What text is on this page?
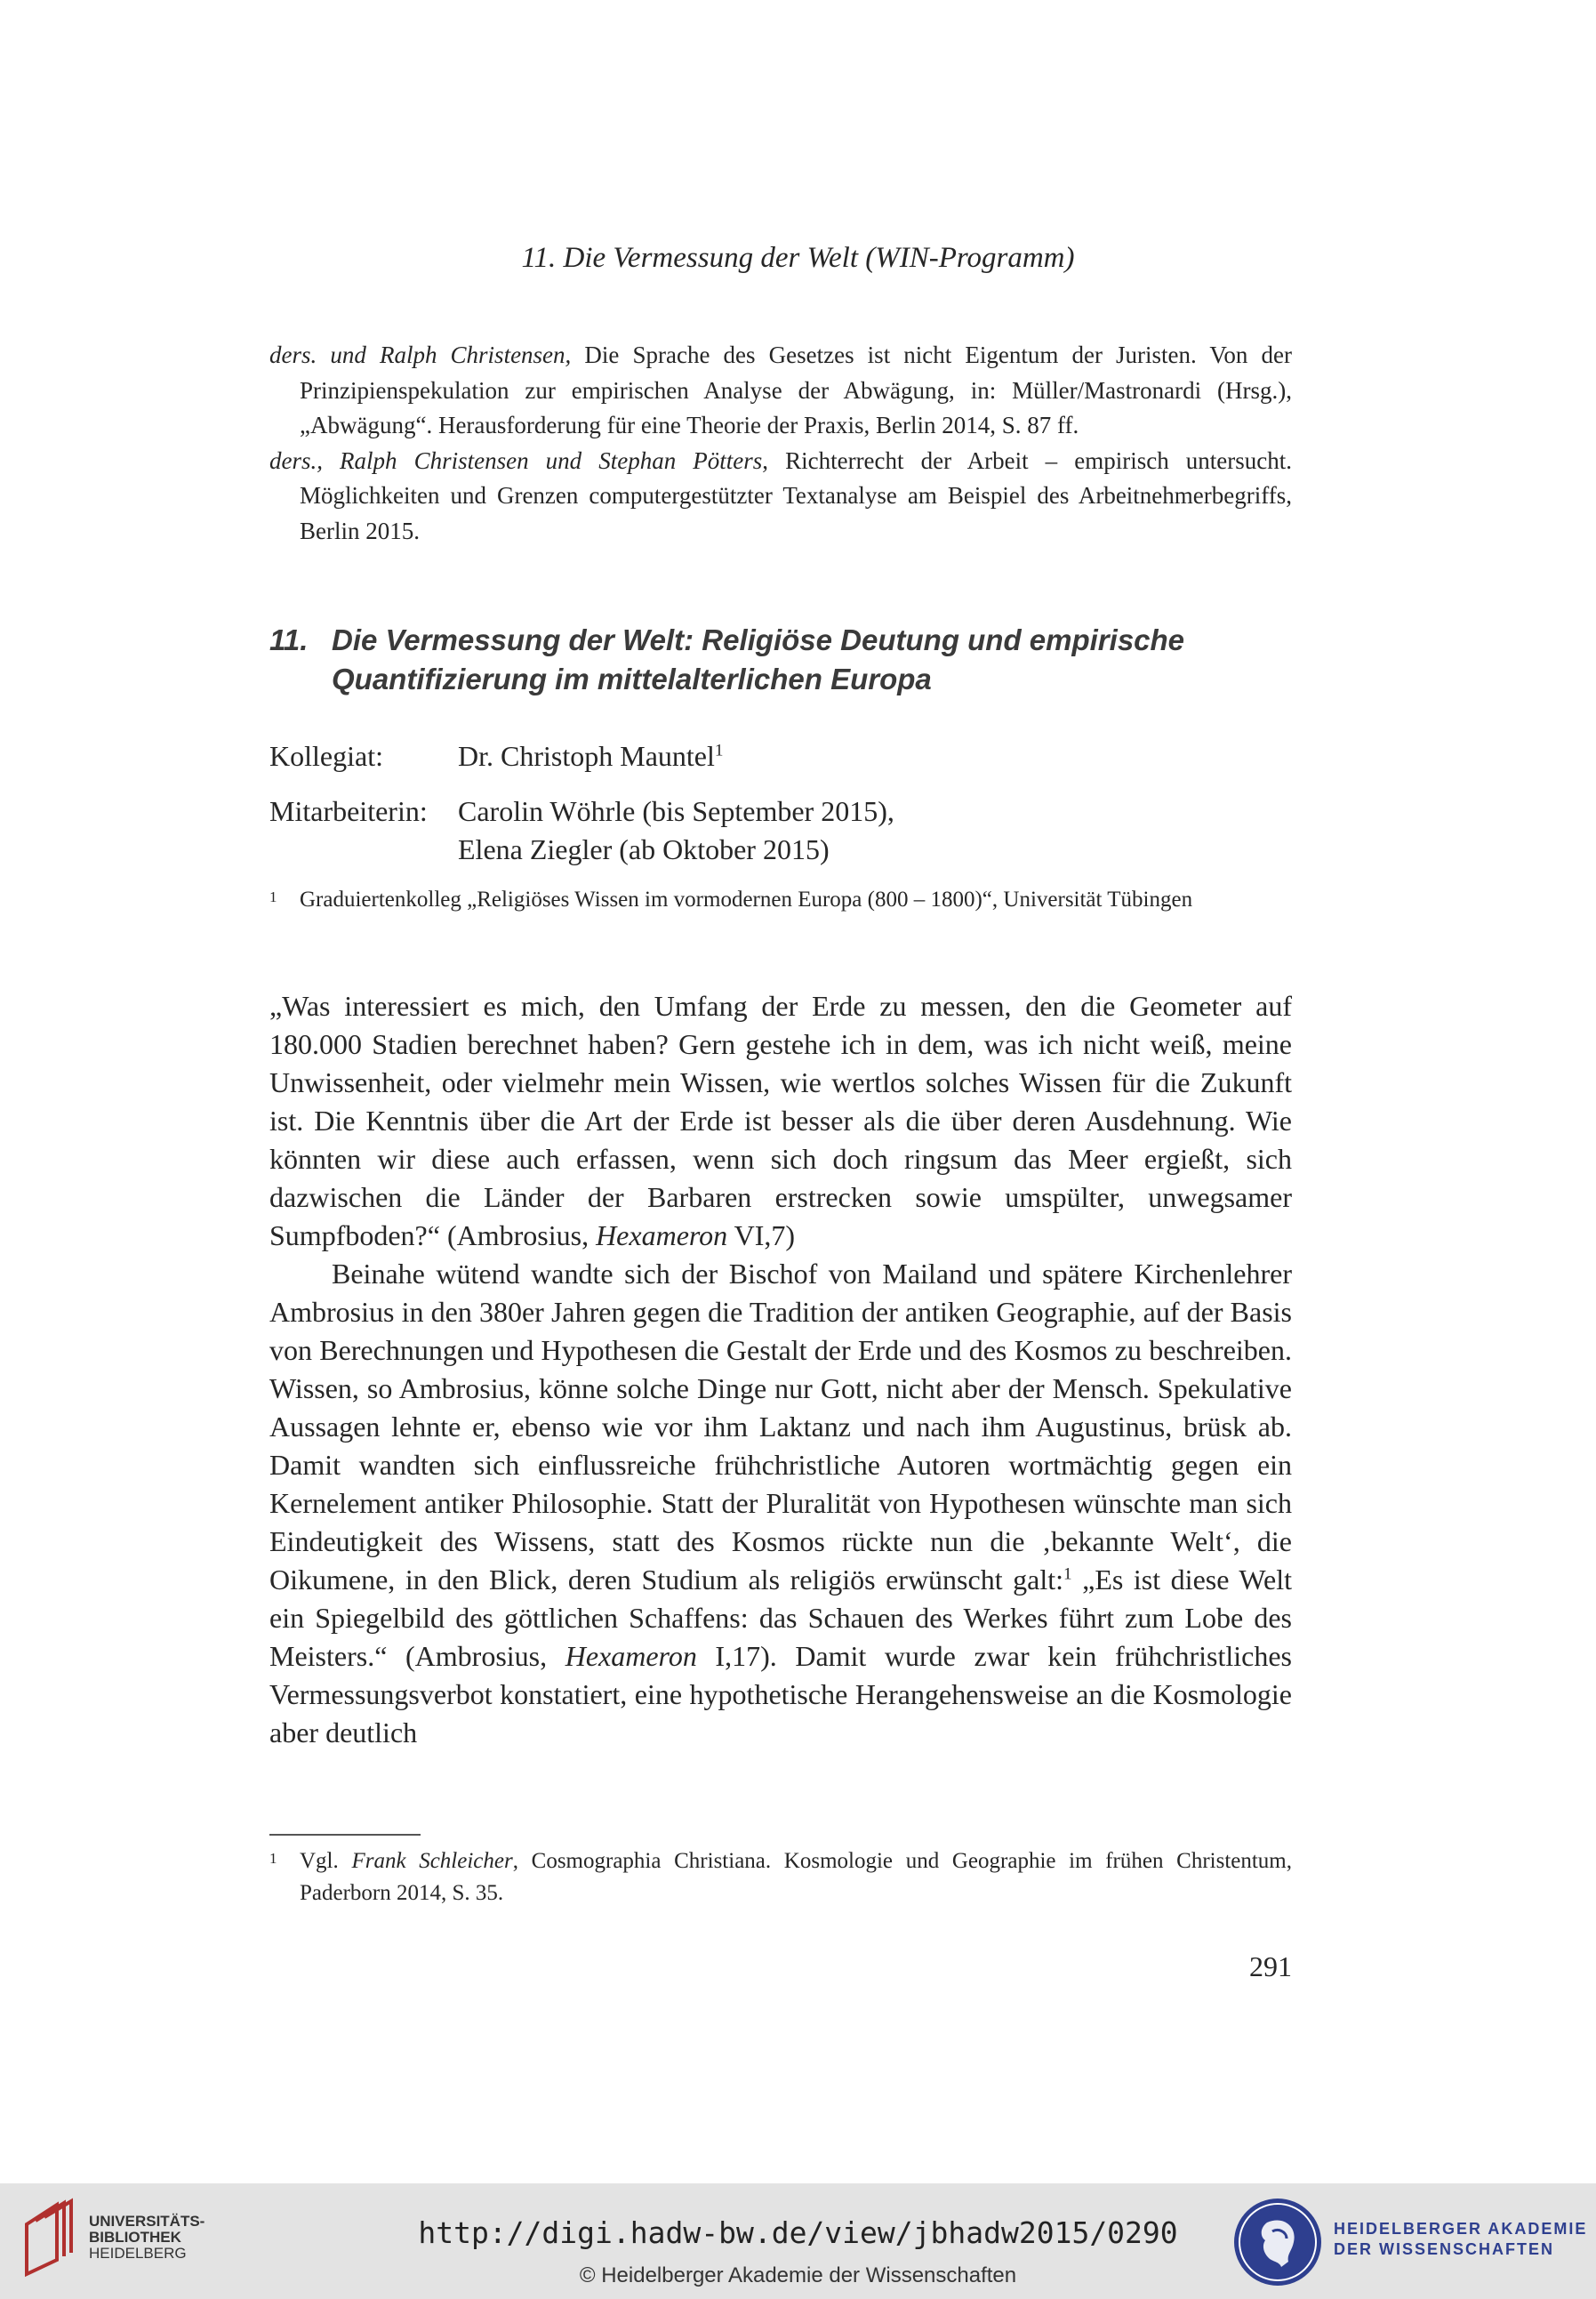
11. Die Vermessung der Welt (WIN-Programm)
ders. und Ralph Christensen, Die Sprache des Gesetzes ist nicht Eigentum der Juristen. Von der Prinzipienspekulation zur empirischen Analyse der Abwägung, in: Müller/Mastronardi (Hrsg.), „Abwägung“. Herausforderung für eine Theorie der Praxis, Berlin 2014, S. 87 ff.
ders., Ralph Christensen und Stephan Pötters, Richterrecht der Arbeit – empirisch untersucht. Möglichkeiten und Grenzen computergestützter Textanalyse am Beispiel des Arbeitnehmerbegriffs, Berlin 2015.
11. Die Vermessung der Welt: Religiöse Deutung und empirische Quantifizierung im mittelalterlichen Europa
Kollegiat:	Dr. Christoph Mauntel$^1$
Mitarbeiterin: Carolin Wöhrle (bis September 2015),
Elena Ziegler (ab Oktober 2015)
1 Graduiertenkolleg „Religiöses Wissen im vormodernen Europa (800 – 1800)“, Universität Tübingen

„Was interessiert es mich, den Umfang der Erde zu messen, den die Geometer auf 180.000 Stadien berechnet haben? Gern gestehe ich in dem, was ich nicht weiß, meine Unwissenheit, oder vielmehr mein Wissen, wie wertlos solches Wissen für die Zukunft ist. Die Kenntnis über die Art der Erde ist besser als die über deren Ausdehnung. Wie könnten wir diese auch erfassen, wenn sich doch ringsum das Meer ergießt, sich dazwischen die Länder der Barbaren erstrecken sowie umspülter, unwegsamer Sumpfboden?“ (Ambrosius, Hexameron VI,7)

Beinahe wütend wandte sich der Bischof von Mailand und spätere Kirchenlehrer Ambrosius in den 380er Jahren gegen die Tradition der antiken Geographie, auf der Basis von Berechnungen und Hypothesen die Gestalt der Erde und des Kosmos zu beschreiben. Wissen, so Ambrosius, könne solche Dinge nur Gott, nicht aber der Mensch. Spekulative Aussagen lehnte er, ebenso wie vor ihm Laktanz und nach ihm Augustinus, brüsk ab. Damit wandten sich einflussreiche frühchristliche Autoren wortmächtig gegen ein Kernelement antiker Philosophie. Statt der Pluralität von Hypothesen wünschte man sich Eindeutigkeit des Wissens, statt des Kosmos rückte nun die ‚bekannte Welt‘, die Oikumene, in den Blick, deren Studium als religiös erwünscht galt:$^1$ „Es ist diese Welt ein Spiegelbild des göttlichen Schaffens: das Schauen des Werkes führt zum Lobe des Meisters.“ (Ambrosius, Hexameron I,17). Damit wurde zwar kein frühchristliches Vermessungsverbot konstatiert, eine hypothetische Herangehensweise an die Kosmologie aber deutlich

1 Vgl. Frank Schleicher, Cosmographia Christiana. Kosmologie und Geographie im frühen Christentum, Paderborn 2014, S. 35.
291
UNIVERSITÄTS-
BIBLIOTHEK
HEIDELBERG
http://digi.hadw-bw.de/view/jbhadw2015/0290
© Heidelberger Akademie der Wissenschaften
HEIDELBERGER AKADEMIE
DER WISSENSCHAFTEN
